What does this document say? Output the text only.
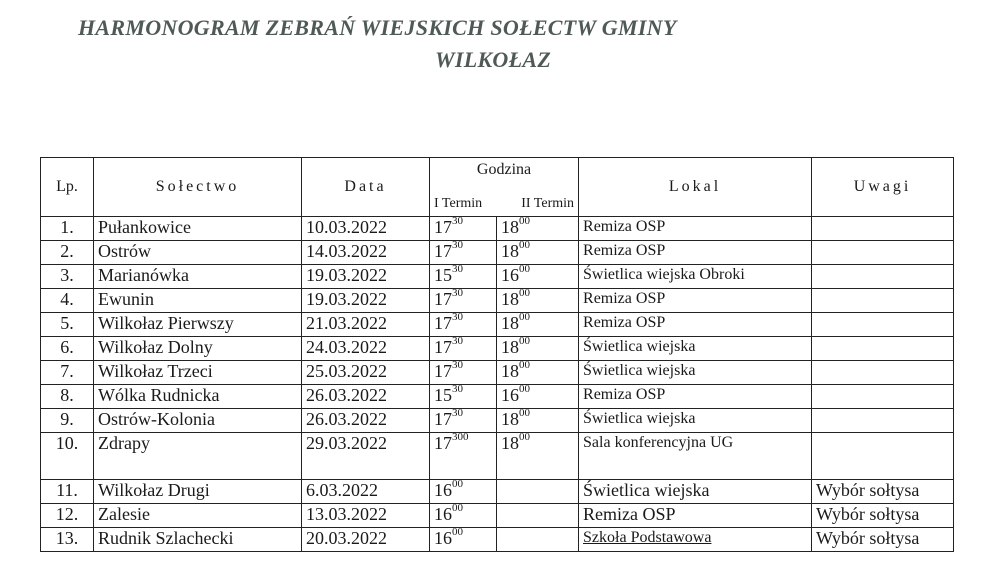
HARMONOGRAM ZEBRAŃ WIEJSKICH SOŁECTW GMINY
WILKOŁAZ
Lp.	Sołectwo	Data	Godzina		Lokal	Uwagi
			I Termin	II Termin		
1.	Pułankowice	10.03.2022	$17^{30}$	$18^{00}$	Remiza OSP	
2.	Ostrów	14.03.2022	$17^{30}$	$18^{00}$	Remiza OSP	
3.	Marianówka	19.03.2022	$15^{30}$	$16^{00}$	Świetlica wiejska Obroki	
4.	Ewunin	19.03.2022	$17^{30}$	$18^{00}$	Remiza OSP	
5.	Wilkołaz Pierwszy	21.03.2022	$17^{30}$	$18^{00}$	Remiza OSP	
6.	Wilkołaz Dolny	24.03.2022	$17^{30}$	$18^{00}$	Świetlica wiejska	
7.	Wilkołaz Trzeci	25.03.2022	$17^{30}$	$18^{00}$	Świetlica wiejska	
8.	Wólka Rudnicka	26.03.2022	$15^{30}$	$16^{00}$	Remiza OSP	
9.	Ostrów-Kolonia	26.03.2022	$17^{30}$	$18^{00}$	Świetlica wiejska	
10.	Zdrapy	29.03.2022	$17^{300}$	$18^{00}$	Sala konferencyjna UG	
11.	Wilkołaz Drugi	6.03.2022	$16^{00}$		Świetlica wiejska	Wybór sołtysa
12.	Zalesie	13.03.2022	$16^{00}$		Remiza OSP	Wybór sołtysa
13.	Rudnik Szlachecki	20.03.2022	$16^{00}$		Szkoła Podstawowa	Wybór sołtysa
